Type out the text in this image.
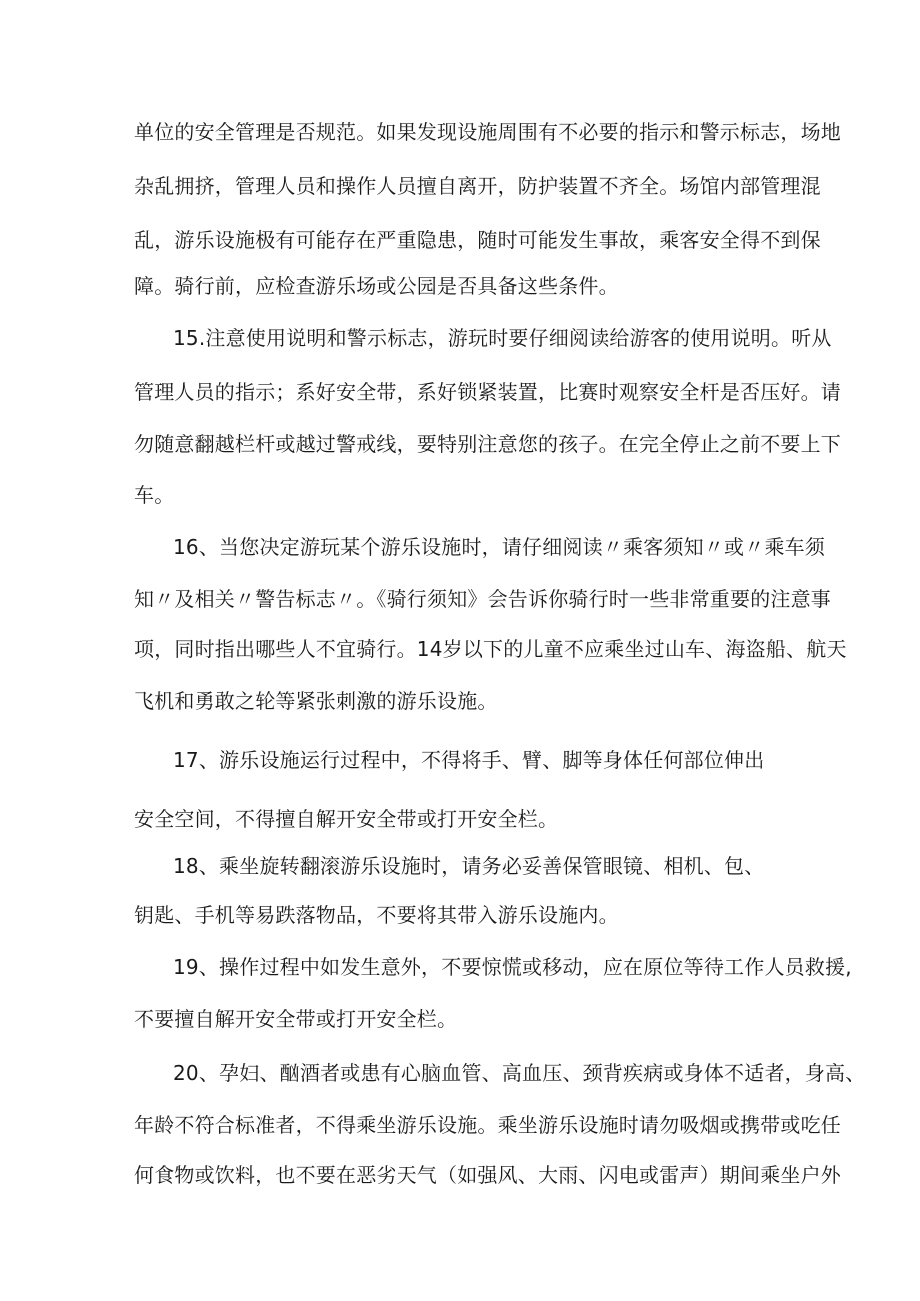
单位的安全管理是否规范。如果发现设施周围有不必要的指示和警示标志，场地
杂乱拥挤，管理人员和操作人员擅自离开，防护装置不齐全。场馆内部管理混
乱，游乐设施极有可能存在严重隐患，随时可能发生事故，乘客安全得不到保
障。骑行前，应检查游乐场或公园是否具备这些条件。
15.注意使用说明和警示标志，游玩时要仔细阅读给游客的使用说明。听从
管理人员的指示；系好安全带，系好锁紧装置，比赛时观察安全杆是否压好。请
勿随意翻越栏杆或越过警戒线，要特别注意您的孩子。在完全停止之前不要上下
车。
16、当您决定游玩某个游乐设施时，请仔细阅读〃乘客须知〃或〃乘车须
知〃及相关〃警告标志〃。《骑行须知》会告诉你骑行时一些非常重要的注意事
项，同时指出哪些人不宜骑行。14岁以下的儿童不应乘坐过山车、海盗船、航天
飞机和勇敢之轮等紧张刺激的游乐设施。
17、游乐设施运行过程中，不得将手、臂、脚等身体任何部位伸出
安全空间，不得擅自解开安全带或打开安全栏。
18、乘坐旋转翻滚游乐设施时，请务必妥善保管眼镜、相机、包、
钥匙、手机等易跌落物品，不要将其带入游乐设施内。
19、操作过程中如发生意外，不要惊慌或移动，应在原位等待工作人员救援,
不要擅自解开安全带或打开安全栏。
20、孕妇、酗酒者或患有心脑血管、高血压、颈背疾病或身体不适者，身高、
年龄不符合标准者，不得乘坐游乐设施。乘坐游乐设施时请勿吸烟或携带或吃任
何食物或饮料，也不要在恶劣天气（如强风、大雨、闪电或雷声）期间乘坐户外
